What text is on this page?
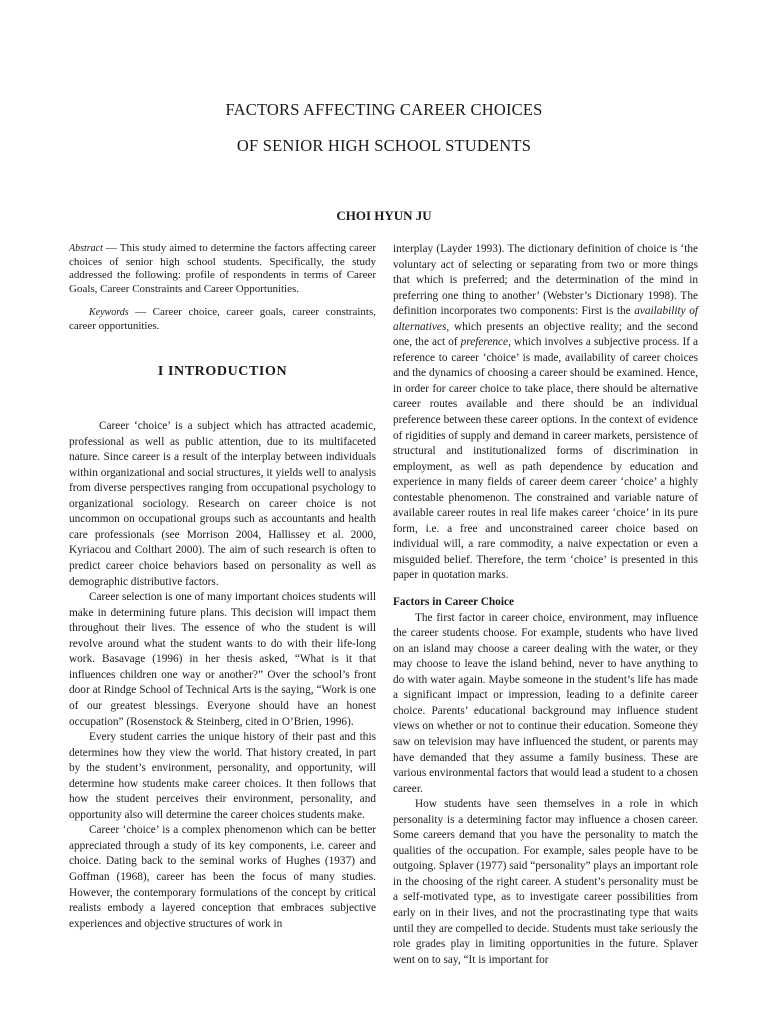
FACTORS AFFECTING CAREER CHOICES
OF SENIOR HIGH SCHOOL STUDENTS
CHOI HYUN JU

Abstract — This study aimed to determine the factors affecting career choices of senior high school students. Specifically, the study addressed the following: profile of respondents in terms of Career Goals, Career Constraints and Career Opportunities.

Keywords — Career choice, career goals, career constraints, career opportunities.

I INTRODUCTION

Career ‘choice’ is a subject which has attracted academic, professional as well as public attention, due to its multifaceted nature. Since career is a result of the interplay between individuals within organizational and social structures, it yields well to analysis from diverse perspectives ranging from occupational psychology to organizational sociology. Research on career choice is not uncommon on occupational groups such as accountants and health care professionals (see Morrison 2004, Hallissey et al. 2000, Kyriacou and Colthart 2000). The aim of such research is often to predict career choice behaviors based on personality as well as demographic distributive factors.

Career selection is one of many important choices students will make in determining future plans. This decision will impact them throughout their lives. The essence of who the student is will revolve around what the student wants to do with their life-long work. Basavage (1996) in her thesis asked, “What is it that influences children one way or another?” Over the school’s front door at Rindge School of Technical Arts is the saying, “Work is one of our greatest blessings. Everyone should have an honest occupation” (Rosenstock & Steinberg, cited in O’Brien, 1996).

Every student carries the unique history of their past and this determines how they view the world. That history created, in part by the student’s environment, personality, and opportunity, will determine how students make career choices. It then follows that how the student perceives their environment, personality, and opportunity also will determine the career choices students make.

Career ‘choice’ is a complex phenomenon which can be better appreciated through a study of its key components, i.e. career and choice. Dating back to the seminal works of Hughes (1937) and Goffman (1968), career has been the focus of many studies. However, the contemporary formulations of the concept by critical realists embody a layered conception that embraces subjective experiences and objective structures of work in

interplay (Layder 1993). The dictionary definition of choice is ‘the voluntary act of selecting or separating from two or more things that which is preferred; and the determination of the mind in preferring one thing to another’ (Webster’s Dictionary 1998). The definition incorporates two components: First is the availability of alternatives, which presents an objective reality; and the second one, the act of preference, which involves a subjective process. If a reference to career ‘choice’ is made, availability of career choices and the dynamics of choosing a career should be examined. Hence, in order for career choice to take place, there should be alternative career routes available and there should be an individual preference between these career options. In the context of evidence of rigidities of supply and demand in career markets, persistence of structural and institutionalized forms of discrimination in employment, as well as path dependence by education and experience in many fields of career deem career ‘choice’ a highly contestable phenomenon. The constrained and variable nature of available career routes in real life makes career ‘choice’ in its pure form, i.e. a free and unconstrained career choice based on individual will, a rare commodity, a naive expectation or even a misguided belief. Therefore, the term ‘choice’ is presented in this paper in quotation marks.

Factors in Career Choice

The first factor in career choice, environment, may influence the career students choose. For example, students who have lived on an island may choose a career dealing with the water, or they may choose to leave the island behind, never to have anything to do with water again. Maybe someone in the student’s life has made a significant impact or impression, leading to a definite career choice. Parents’ educational background may influence student views on whether or not to continue their education. Someone they saw on television may have influenced the student, or parents may have demanded that they assume a family business. These are various environmental factors that would lead a student to a chosen career.

How students have seen themselves in a role in which personality is a determining factor may influence a chosen career. Some careers demand that you have the personality to match the qualities of the occupation. For example, sales people have to be outgoing. Splaver (1977) said “personality” plays an important role in the choosing of the right career. A student’s personality must be a self-motivated type, as to investigate career possibilities from early on in their lives, and not the procrastinating type that waits until they are compelled to decide. Students must take seriously the role grades play in limiting opportunities in the future. Splaver went on to say, “It is important for
